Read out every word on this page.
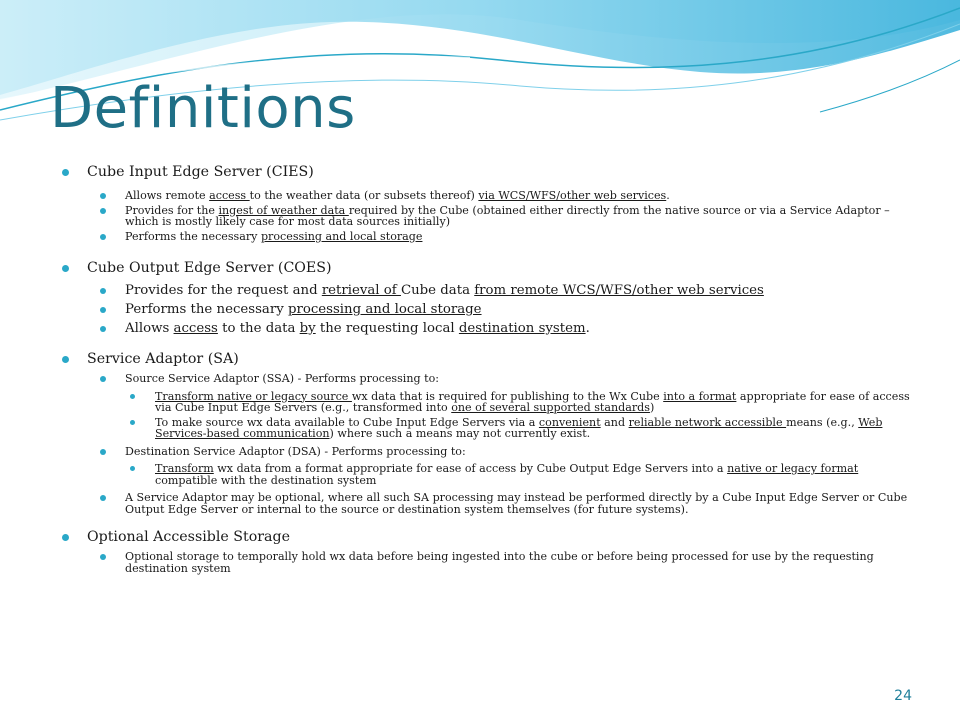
Definitions
Cube Input Edge Server (CIES)
Allows remote access to the weather data (or subsets thereof) via WCS/WFS/other web services.
Provides for the ingest of weather data required by the Cube (obtained either directly from the native source or via a Service Adaptor – which is mostly likely case for most data sources initially)
Performs the necessary processing and local storage
Cube Output Edge Server (COES)
Provides for the request and retrieval of Cube data from remote WCS/WFS/other web services
Performs the necessary processing and local storage
Allows access to the data by the requesting local destination system.
Service Adaptor (SA)
Source Service Adaptor (SSA) - Performs processing to:
Transform native or legacy source wx data that is required for publishing to the Wx Cube into a format appropriate for ease of access via Cube Input Edge Servers (e.g., transformed into one of several supported standards)
To make source wx data available to Cube Input Edge Servers via a convenient and reliable network accessible means (e.g., Web Services-based communication) where such a means may not currently exist.
Destination Service Adaptor (DSA) - Performs processing to:
Transform wx data from a format appropriate for ease of access by Cube Output Edge Servers into a native or legacy format compatible with the destination system
A Service Adaptor may be optional, where all such SA processing may instead be performed directly by a Cube Input Edge Server or Cube Output Edge Server or internal to the source or destination system themselves (for future systems).
Optional Accessible Storage
Optional storage to temporally hold wx data before being ingested into the cube or before being processed for use by the requesting destination system
24
